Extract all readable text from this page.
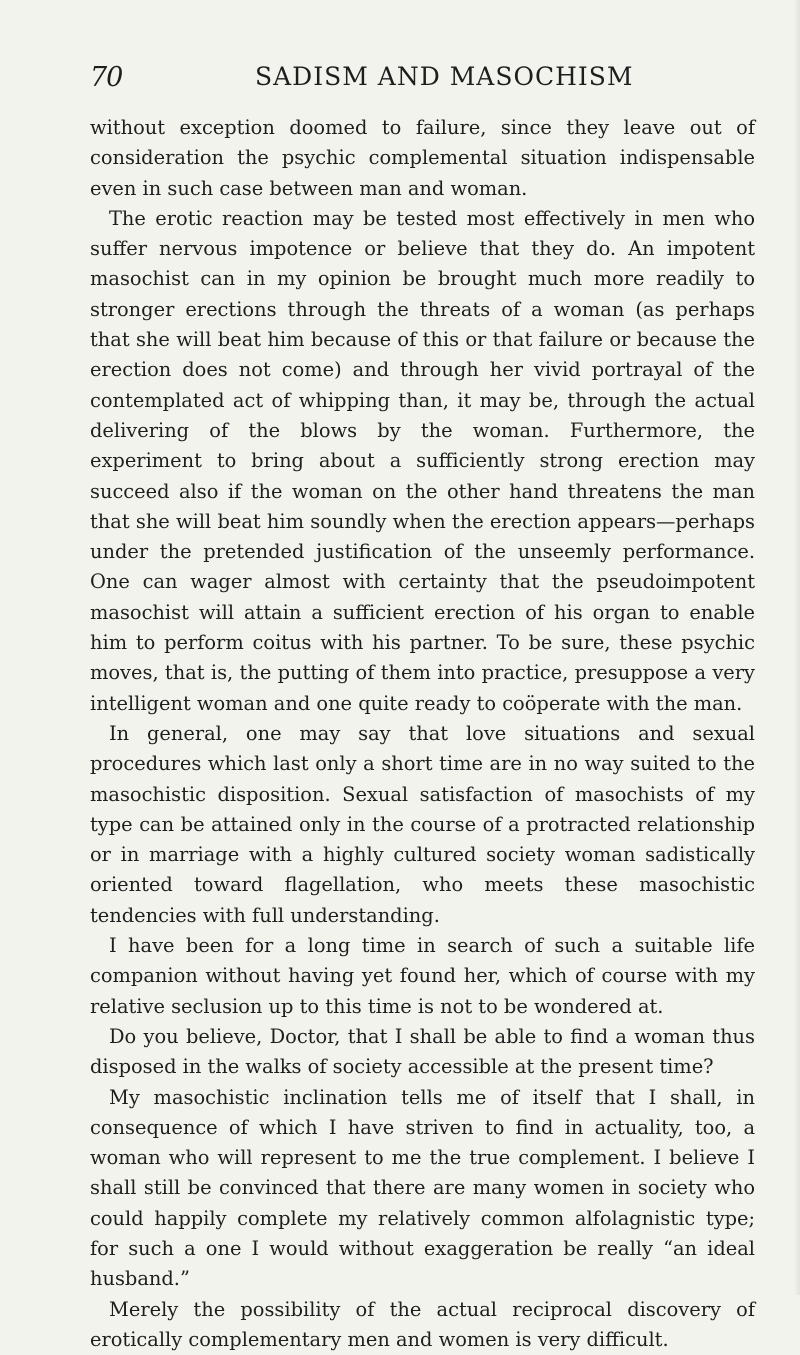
70	SADISM AND MASOCHISM

without exception doomed to failure, since they leave out of consideration the psychic complemental situation indispensable even in such case between man and woman.

The erotic reaction may be tested most effectively in men who suffer nervous impotence or believe that they do. An impotent masochist can in my opinion be brought much more readily to stronger erections through the threats of a woman (as perhaps that she will beat him because of this or that failure or because the erection does not come) and through her vivid portrayal of the contemplated act of whipping than, it may be, through the actual delivering of the blows by the woman. Furthermore, the experiment to bring about a sufficiently strong erection may succeed also if the woman on the other hand threatens the man that she will beat him soundly when the erection appears—perhaps under the pretended justification of the unseemly performance. One can wager almost with certainty that the pseudoimpotent masochist will attain a sufficient erection of his organ to enable him to perform coitus with his partner. To be sure, these psychic moves, that is, the putting of them into practice, presuppose a very intelligent woman and one quite ready to coöperate with the man.

In general, one may say that love situations and sexual procedures which last only a short time are in no way suited to the masochistic disposition. Sexual satisfaction of masochists of my type can be attained only in the course of a protracted relationship or in marriage with a highly cultured society woman sadistically oriented toward flagellation, who meets these masochistic tendencies with full understanding.

I have been for a long time in search of such a suitable life companion without having yet found her, which of course with my relative seclusion up to this time is not to be wondered at.

Do you believe, Doctor, that I shall be able to find a woman thus disposed in the walks of society accessible at the present time?

My masochistic inclination tells me of itself that I shall, in consequence of which I have striven to find in actuality, too, a woman who will represent to me the true complement. I believe I shall still be convinced that there are many women in society who could happily complete my relatively common alfolagnistic type; for such a one I would without exaggeration be really “an ideal husband.”

Merely the possibility of the actual reciprocal discovery of erotically complementary men and women is very difficult.
